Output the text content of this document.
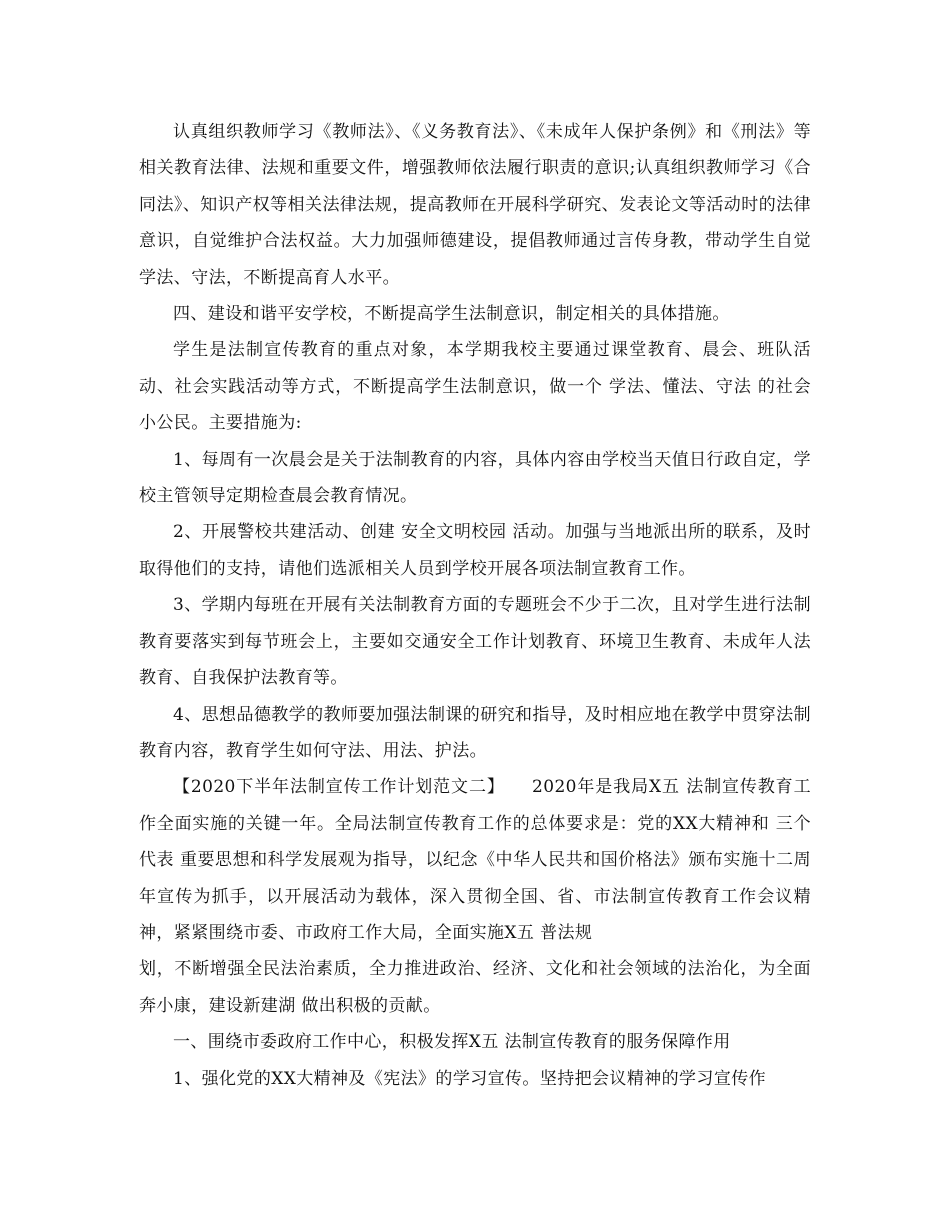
认真组织教师学习《教师法》、《义务教育法》、《未成年人保护条例》和《刑法》等相关教育法律、法规和重要文件，增强教师依法履行职责的意识;认真组织教师学习《合同法》、知识产权等相关法律法规，提高教师在开展科学研究、发表论文等活动时的法律意识，自觉维护合法权益。大力加强师德建设，提倡教师通过言传身教，带动学生自觉学法、守法，不断提高育人水平。

四、建设和谐平安学校，不断提高学生法制意识，制定相关的具体措施。

学生是法制宣传教育的重点对象，本学期我校主要通过课堂教育、晨会、班队活动、社会实践活动等方式，不断提高学生法制意识，做一个 学法、懂法、守法 的社会小公民。主要措施为:

1、每周有一次晨会是关于法制教育的内容，具体内容由学校当天值日行政自定，学校主管领导定期检查晨会教育情况。

2、开展警校共建活动、创建 安全文明校园 活动。加强与当地派出所的联系，及时取得他们的支持，请他们选派相关人员到学校开展各项法制宣教育工作。

3、学期内每班在开展有关法制教育方面的专题班会不少于二次，且对学生进行法制教育要落实到每节班会上，主要如交通安全工作计划教育、环境卫生教育、未成年人法教育、自我保护法教育等。

4、思想品德教学的教师要加强法制课的研究和指导，及时相应地在教学中贯穿法制教育内容，教育学生如何守法、用法、护法。

【2020下半年法制宣传工作计划范文二】　　2020年是我局X五 法制宣传教育工作全面实施的关键一年。全局法制宣传教育工作的总体要求是：党的XX大精神和 三个代表 重要思想和科学发展观为指导，以纪念《中华人民共和国价格法》颁布实施十二周年宣传为抓手，以开展活动为载体，深入贯彻全国、省、市法制宣传教育工作会议精神，紧紧围绕市委、市政府工作大局，全面实施X五 普法规

划，不断增强全民法治素质，全力推进政治、经济、文化和社会领域的法治化，为全面奔小康，建设新建湖 做出积极的贡献。

一、围绕市委政府工作中心，积极发挥X五 法制宣传教育的服务保障作用

1、强化党的XX大精神及《宪法》的学习宣传。坚持把会议精神的学习宣传作
